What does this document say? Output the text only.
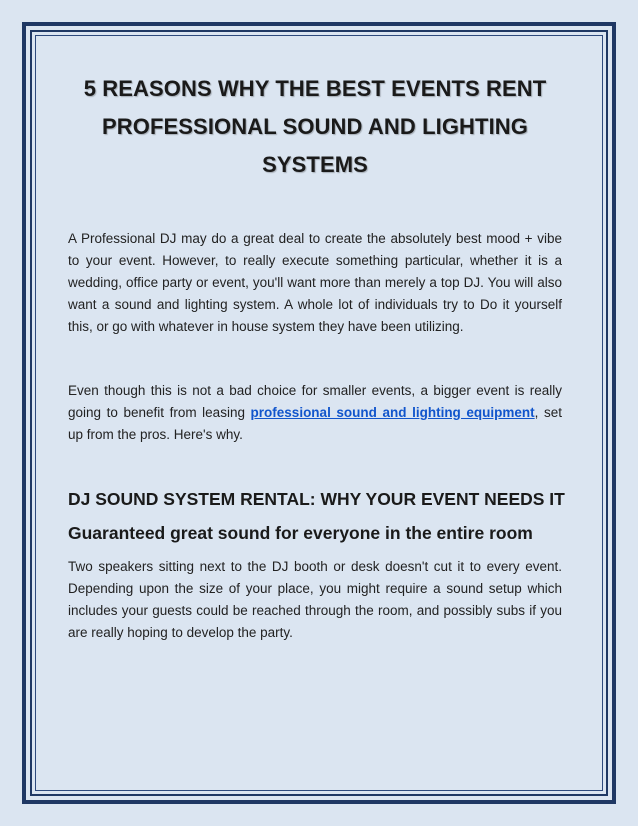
5 REASONS WHY THE BEST EVENTS RENT PROFESSIONAL SOUND AND LIGHTING SYSTEMS

A Professional DJ may do a great deal to create the absolutely best mood + vibe to your event. However, to really execute something particular, whether it is a wedding, office party or event, you'll want more than merely a top DJ. You will also want a sound and lighting system. A whole lot of individuals try to Do it yourself this, or go with whatever in house system they have been utilizing.

Even though this is not a bad choice for smaller events, a bigger event is really going to benefit from leasing professional sound and lighting equipment, set up from the pros. Here's why.

DJ SOUND SYSTEM RENTAL: WHY YOUR EVENT NEEDS IT
Guaranteed great sound for everyone in the entire room

Two speakers sitting next to the DJ booth or desk doesn't cut it to every event. Depending upon the size of your place, you might require a sound setup which includes your guests could be reached through the room, and possibly subs if you are really hoping to develop the party.
